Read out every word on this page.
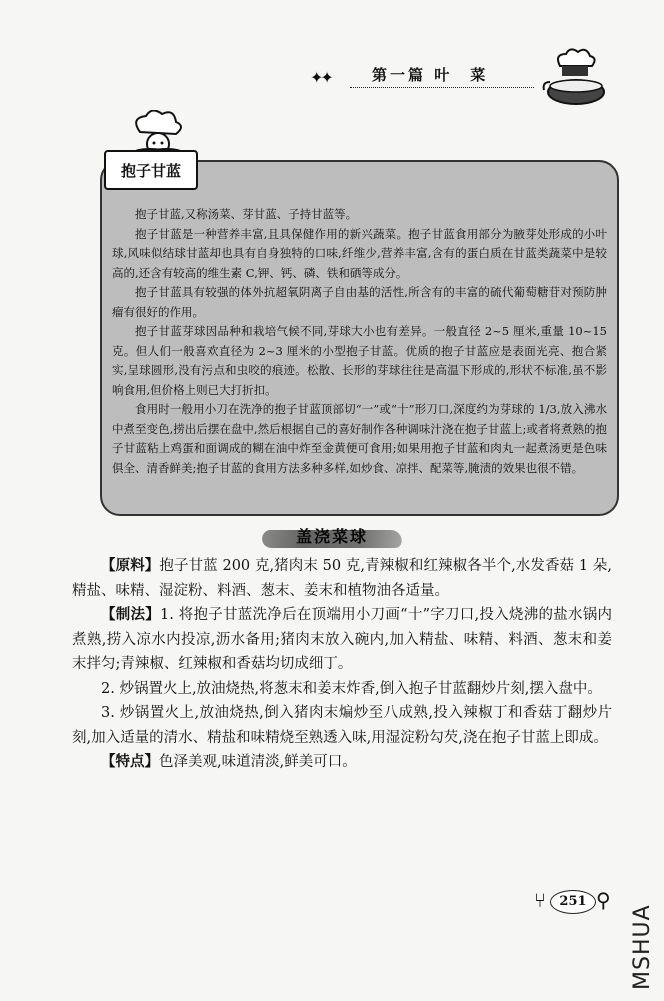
✦✦	第一篇 叶　菜
抱子甘蓝

抱子甘蓝,又称汤菜、芽甘蓝、子持甘蓝等。

抱子甘蓝是一种营养丰富,且具保健作用的新兴蔬菜。抱子甘蓝食用部分为腋芽处形成的小叶球,风味似结球甘蓝却也具有自身独特的口味,纤维少,营养丰富,含有的蛋白质在甘蓝类蔬菜中是较高的,还含有较高的维生素 C,钾、钙、磷、铁和硒等成分。

抱子甘蓝具有较强的体外抗超氧阴离子自由基的活性,所含有的丰富的硫代葡萄糖苷对预防肿瘤有很好的作用。

抱子甘蓝芽球因品种和栽培气候不同,芽球大小也有差异。一般直径 2~5 厘米,重量 10~15 克。但人们一般喜欢直径为 2~3 厘米的小型抱子甘蓝。优质的抱子甘蓝应是表面光亮、抱合紧实,呈球圆形,没有污点和虫咬的痕迹。松散、长形的芽球往往是高温下形成的,形状不标准,虽不影响食用,但价格上则已大打折扣。

食用时一般用小刀在洗净的抱子甘蓝顶部切“一”或“十”形刀口,深度约为芽球的 1/3,放入沸水中煮至变色,捞出后摆在盘中,然后根据自己的喜好制作各种调味汁浇在抱子甘蓝上;或者将煮熟的抱子甘蓝粘上鸡蛋和面调成的糊在油中炸至金黄便可食用;如果用抱子甘蓝和肉丸一起煮汤更是色味俱全、清香鲜美;抱子甘蓝的食用方法多种多样,如炒食、凉拌、配菜等,腌渍的效果也很不错。

盖浇菜球

【原料】抱子甘蓝 200 克,猪肉末 50 克,青辣椒和红辣椒各半个,水发香菇 1 朵,精盐、味精、湿淀粉、料酒、葱末、姜末和植物油各适量。

【制法】1. 将抱子甘蓝洗净后在顶端用小刀画“十”字刀口,投入烧沸的盐水锅内煮熟,捞入凉水内投凉,沥水备用;猪肉末放入碗内,加入精盐、味精、料酒、葱末和姜末拌匀;青辣椒、红辣椒和香菇均切成细丁。

2. 炒锅置火上,放油烧热,将葱末和姜末炸香,倒入抱子甘蓝翻炒片刻,摆入盘中。

3. 炒锅置火上,放油烧热,倒入猪肉末煸炒至八成熟,投入辣椒丁和香菇丁翻炒片刻,加入适量的清水、精盐和味精烧至熟透入味,用湿淀粉勾芡,浇在抱子甘蓝上即成。

【特点】色泽美观,味道清淡,鲜美可口。

⑂	251 ⚲
MSHUA
